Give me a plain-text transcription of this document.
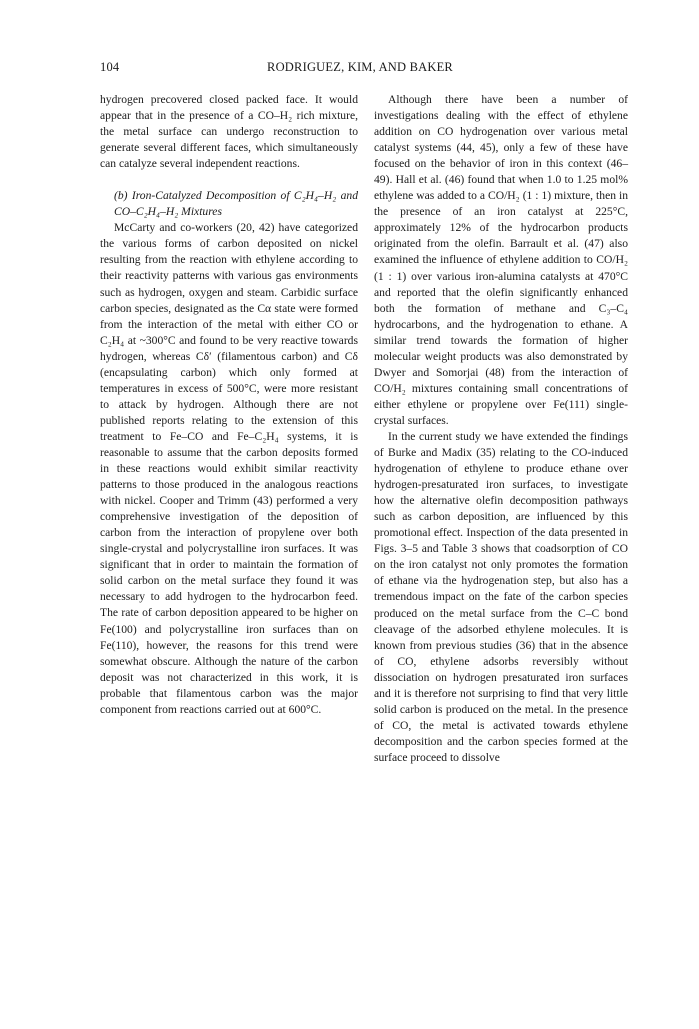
104	RODRIGUEZ, KIM, AND BAKER

hydrogen precovered closed packed face. It would appear that in the presence of a CO–H₂ rich mixture, the metal surface can undergo reconstruction to generate several different faces, which simultaneously can catalyze several independent reactions.

(b) Iron-Catalyzed Decomposition of C₂H₄–H₂ and CO–C₂H₄–H₂ Mixtures

McCarty and co-workers (20, 42) have categorized the various forms of carbon deposited on nickel resulting from the reaction with ethylene according to their reactivity patterns with various gas environments such as hydrogen, oxygen and steam. Carbidic surface carbon species, designated as the Cα state were formed from the interaction of the metal with either CO or C₂H₄ at ~300°C and found to be very reactive towards hydrogen, whereas Cδ′ (filamentous carbon) and Cδ (encapsulating carbon) which only formed at temperatures in excess of 500°C, were more resistant to attack by hydrogen. Although there are not published reports relating to the extension of this treatment to Fe–CO and Fe–C₂H₄ systems, it is reasonable to assume that the carbon deposits formed in these reactions would exhibit similar reactivity patterns to those produced in the analogous reactions with nickel. Cooper and Trimm (43) performed a very comprehensive investigation of the deposition of carbon from the interaction of propylene over both single-crystal and polycrystalline iron surfaces. It was significant that in order to maintain the formation of solid carbon on the metal surface they found it was necessary to add hydrogen to the hydrocarbon feed. The rate of carbon deposition appeared to be higher on Fe(100) and polycrystalline iron surfaces than on Fe(110), however, the reasons for this trend were somewhat obscure. Although the nature of the carbon deposit was not characterized in this work, it is probable that filamentous carbon was the major component from reactions carried out at 600°C.

Although there have been a number of investigations dealing with the effect of ethylene addition on CO hydrogenation over various metal catalyst systems (44, 45), only a few of these have focused on the behavior of iron in this context (46–49). Hall et al. (46) found that when 1.0 to 1.25 mol% ethylene was added to a CO/H₂ (1 : 1) mixture, then in the presence of an iron catalyst at 225°C, approximately 12% of the hydrocarbon products originated from the olefin. Barrault et al. (47) also examined the influence of ethylene addition to CO/H₂ (1 : 1) over various iron-alumina catalysts at 470°C and reported that the olefin significantly enhanced both the formation of methane and C₃–C₄ hydrocarbons, and the hydrogenation to ethane. A similar trend towards the formation of higher molecular weight products was also demonstrated by Dwyer and Somorjai (48) from the interaction of CO/H₂ mixtures containing small concentrations of either ethylene or propylene over Fe(111) single-crystal surfaces.

In the current study we have extended the findings of Burke and Madix (35) relating to the CO-induced hydrogenation of ethylene to produce ethane over hydrogen-presaturated iron surfaces, to investigate how the alternative olefin decomposition pathways such as carbon deposition, are influenced by this promotional effect. Inspection of the data presented in Figs. 3–5 and Table 3 shows that coadsorption of CO on the iron catalyst not only promotes the formation of ethane via the hydrogenation step, but also has a tremendous impact on the fate of the carbon species produced on the metal surface from the C–C bond cleavage of the adsorbed ethylene molecules. It is known from previous studies (36) that in the absence of CO, ethylene adsorbs reversibly without dissociation on hydrogen presaturated iron surfaces and it is therefore not surprising to find that very little solid carbon is produced on the metal. In the presence of CO, the metal is activated towards ethylene decomposition and the carbon species formed at the surface proceed to dissolve
